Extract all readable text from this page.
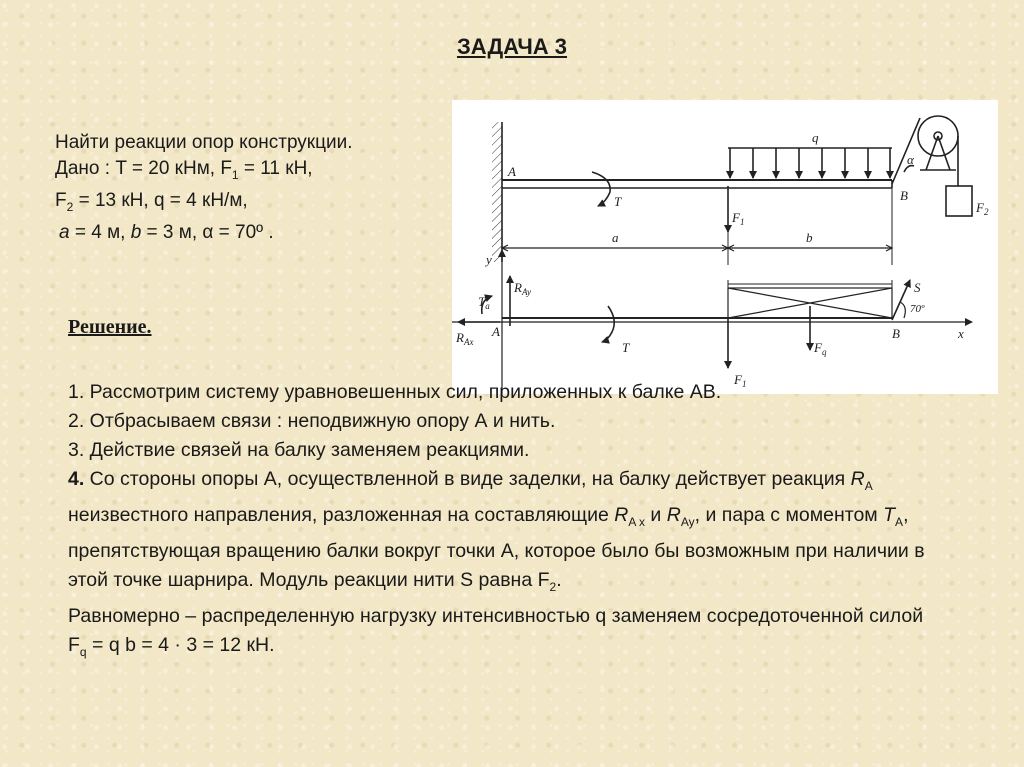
ЗАДАЧА 3
Найти реакции опор конструкции.
Дано : T = 20 кНм, $F_1 = 11$ кН,
$F_2 = 13$ кН, q = 4 кН/м,
a = 4 м, b = 3 м, α = 70º .
A
B
q
T
$F_1$
$F_2$
α
a	b
y
x
$R_{Ay}$
$R_{Ax}$
$T_a$
A	B
T
S
70º
$F_q$
$F_1$
Решение.

1. Рассмотрим систему уравновешенных сил, приложенных к балке АВ.

2. Отбрасываем связи : неподвижную опору А и нить.

3. Действие связей на балку заменяем реакциями.

4. Со стороны опоры А, осуществленной в виде заделки, на балку действует реакция $R_A$ неизвестного направления, разложенная на составляющие $R_{A x}$ и $R_{Ay}$, и пара с моментом $T_A$, препятствующая вращению балки вокруг точки А, которое было бы возможным при наличии в этой точке шарнира. Модуль реакции нити S равна $F_2$.

Равномерно – распределенную нагрузку интенсивностью q заменяем сосредоточенной силой

$F_q = q$ b = 4 · 3 = 12 кН.
